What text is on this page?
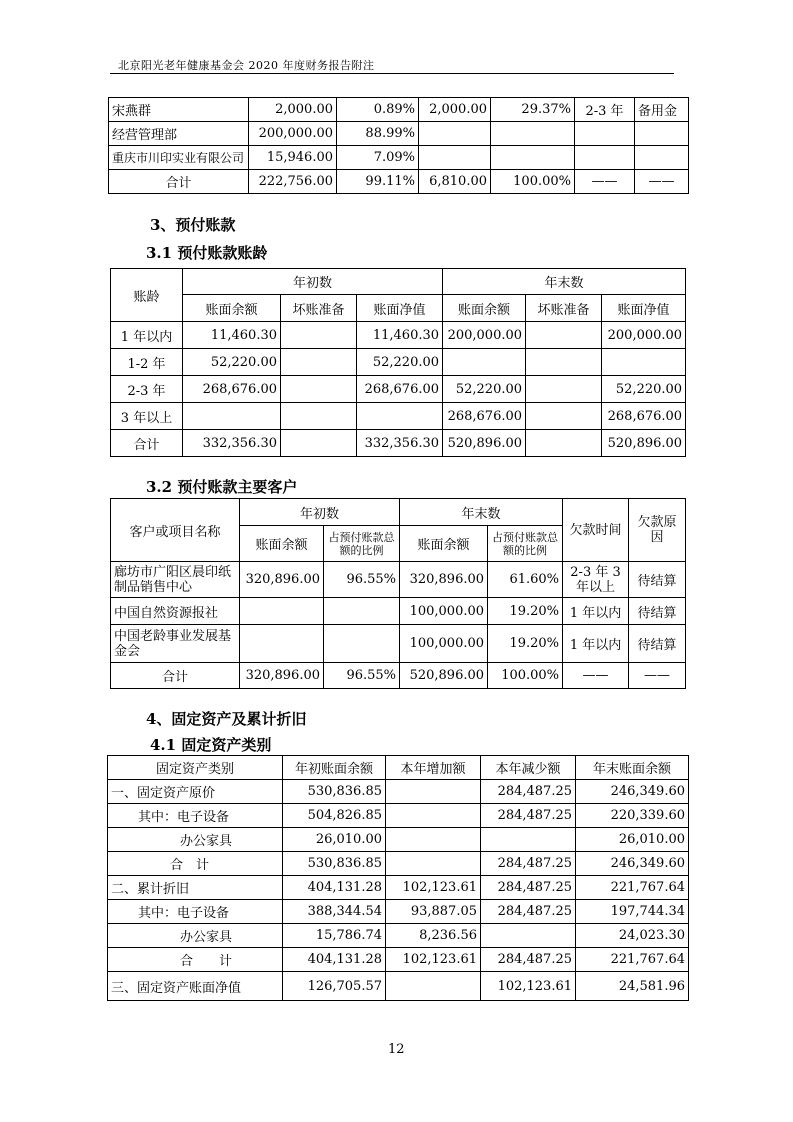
北京阳光老年健康基金会 2020 年度财务报告附注
宋燕群	2,000.00	0.89%	2,000.00	29.37%	2-3 年	备用金
经营管理部	200,000.00	88.99%				
重庆市川印实业有限公司	15,946.00	7.09%				
合计	222,756.00	99.11%	6,810.00	100.00%	——	——
3、预付账款
3.1 预付账款账龄
账龄	年初数			年末数		
	账面余额	坏账准备	账面净值	账面余额	坏账准备	账面净值
1 年以内	11,460.30		11,460.30	200,000.00		200,000.00
1-2 年	52,220.00		52,220.00			
2-3 年	268,676.00		268,676.00	52,220.00		52,220.00
3 年以上				268,676.00		268,676.00
合计	332,356.30		332,356.30	520,896.00		520,896.00
3.2 预付账款主要客户
客户或项目名称	年初数		年末数		欠款时间	欠款原因
	账面余额	占预付账款总额的比例	账面余额	占预付账款总额的比例		
廊坊市广阳区晨印纸制品销售中心	320,896.00	96.55%	320,896.00	61.60%	2-3 年 3 年以上	待结算
中国自然资源报社			100,000.00	19.20%	1 年以内	待结算
中国老龄事业发展基金会			100,000.00	19.20%	1 年以内	待结算
合计	320,896.00	96.55%	520,896.00	100.00%	——	——
4、固定资产及累计折旧
4.1 固定资产类别
固定资产类别	年初账面余额	本年增加额	本年减少额	年末账面余额
一、固定资产原价	530,836.85		284,487.25	246,349.60
其中：电子设备	504,826.85		284,487.25	220,339.60
办公家具	26,010.00			26,010.00
合　计	530,836.85		284,487.25	246,349.60
二、累计折旧	404,131.28	102,123.61	284,487.25	221,767.64
其中：电子设备	388,344.54	93,887.05	284,487.25	197,744.34
办公家具	15,786.74	8,236.56		24,023.30
合　　计	404,131.28	102,123.61	284,487.25	221,767.64
三、固定资产账面净值	126,705.57		102,123.61	24,581.96
12
